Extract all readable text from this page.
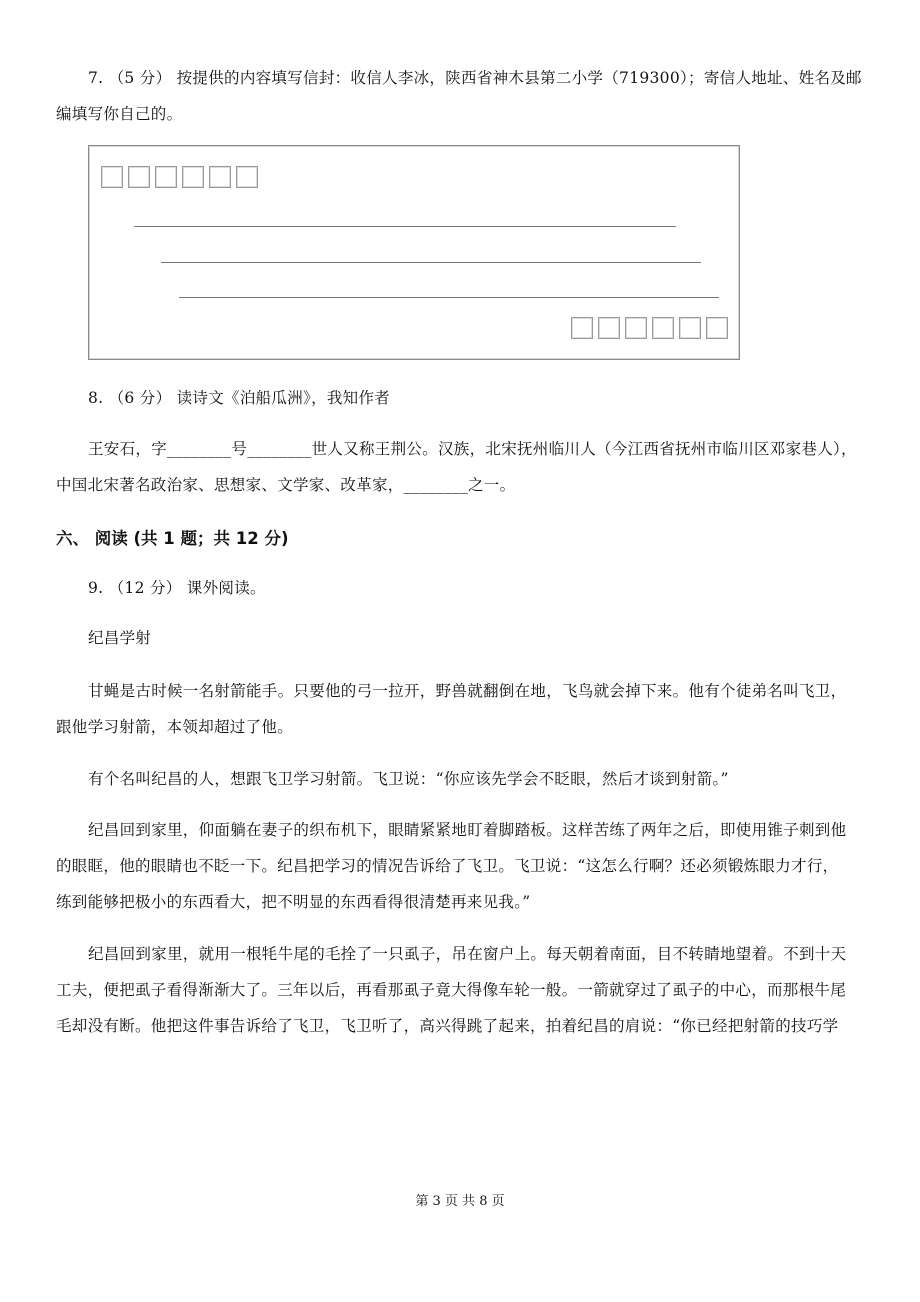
7. （5 分） 按提供的内容填写信封：收信人李冰，陕西省神木县第二小学（719300）；寄信人地址、姓名及邮
编填写你自己的。
8. （6 分） 读诗文《泊船瓜洲》，我知作者
王安石，字________号________世人又称王荆公。汉族，北宋抚州临川人（今江西省抚州市临川区邓家巷人），
中国北宋著名政治家、思想家、文学家、改革家，________之一。
六、 阅读 (共 1 题；共 12 分)
9. （12 分） 课外阅读。
纪昌学射
甘蝇是古时候一名射箭能手。只要他的弓一拉开，野兽就翻倒在地，飞鸟就会掉下来。他有个徒弟名叫飞卫，
跟他学习射箭，本领却超过了他。
有个名叫纪昌的人，想跟飞卫学习射箭。飞卫说：“你应该先学会不眨眼，然后才谈到射箭。”
纪昌回到家里，仰面躺在妻子的织布机下，眼睛紧紧地盯着脚踏板。这样苦练了两年之后，即使用锥子刺到他
的眼眶，他的眼睛也不眨一下。纪昌把学习的情况告诉给了飞卫。飞卫说：“这怎么行啊？还必须锻炼眼力才行，
练到能够把极小的东西看大，把不明显的东西看得很清楚再来见我。”
纪昌回到家里，就用一根牦牛尾的毛拴了一只虱子，吊在窗户上。每天朝着南面，目不转睛地望着。不到十天
工夫，便把虱子看得渐渐大了。三年以后，再看那虱子竟大得像车轮一般。一箭就穿过了虱子的中心，而那根牛尾
毛却没有断。他把这件事告诉给了飞卫，飞卫听了，高兴得跳了起来，拍着纪昌的肩说：“你已经把射箭的技巧学
第 3 页 共 8 页
